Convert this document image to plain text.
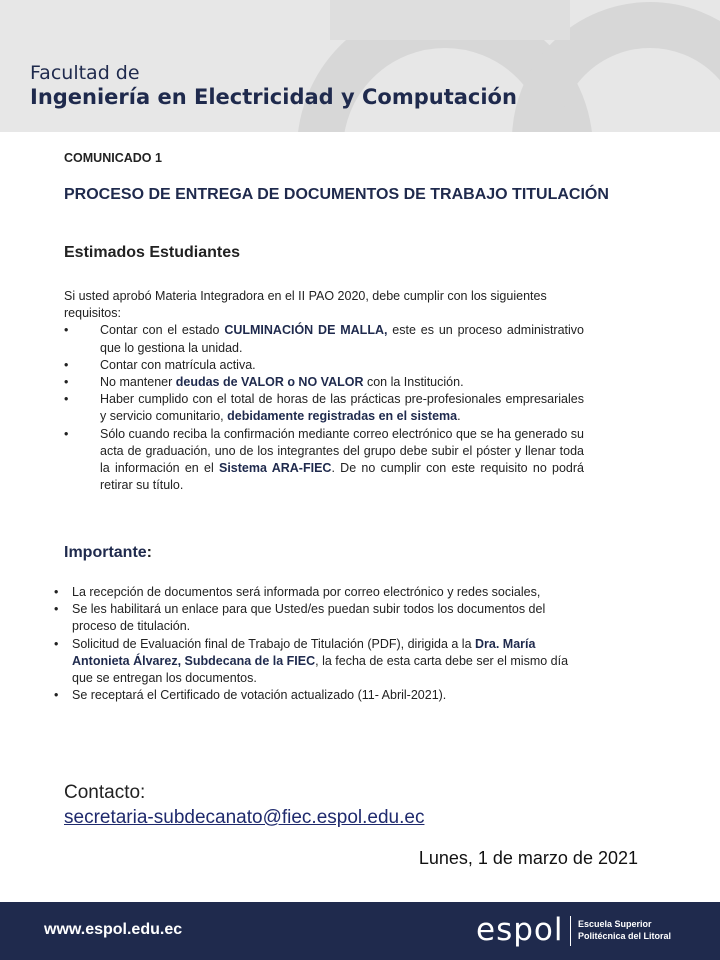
Facultad de
Ingeniería en Electricidad y Computación
COMUNICADO 1
PROCESO DE ENTREGA DE DOCUMENTOS DE TRABAJO TITULACIÓN
Estimados Estudiantes

Si usted aprobó Materia Integradora en el II PAO 2020, debe cumplir con los siguientes requisitos:

•	Contar con el estado CULMINACIÓN DE MALLA, este es un proceso administrativo que lo gestiona la unidad.
•	Contar con matrícula activa.
•	No mantener deudas de VALOR o NO VALOR con la Institución.
•	Haber cumplido con el total de horas de las prácticas pre-profesionales empresariales y servicio comunitario, debidamente registradas en el sistema.
•	Sólo cuando reciba la confirmación mediante correo electrónico que se ha generado su acta de graduación, uno de los integrantes del grupo debe subir el póster y llenar toda la información en el Sistema ARA-FIEC. De no cumplir con este requisito no podrá retirar su título.
Importante:
• La recepción de documentos será informada por correo electrónico y redes sociales,
• Se les habilitará un enlace para que Usted/es puedan subir todos los documentos del proceso de titulación.
• Solicitud de Evaluación final de Trabajo de Titulación (PDF), dirigida a la Dra. María Antonieta Álvarez, Subdecana de la FIEC, la fecha de esta carta debe ser el mismo día que se entregan los documentos.
• Se receptará el Certificado de votación actualizado (11- Abril-2021).
Contacto:
secretaria-subdecanato@fiec.espol.edu.ec
Lunes, 1 de marzo de 2021
www.espol.edu.ec	espol Escuela Superior
Politécnica del Litoral
